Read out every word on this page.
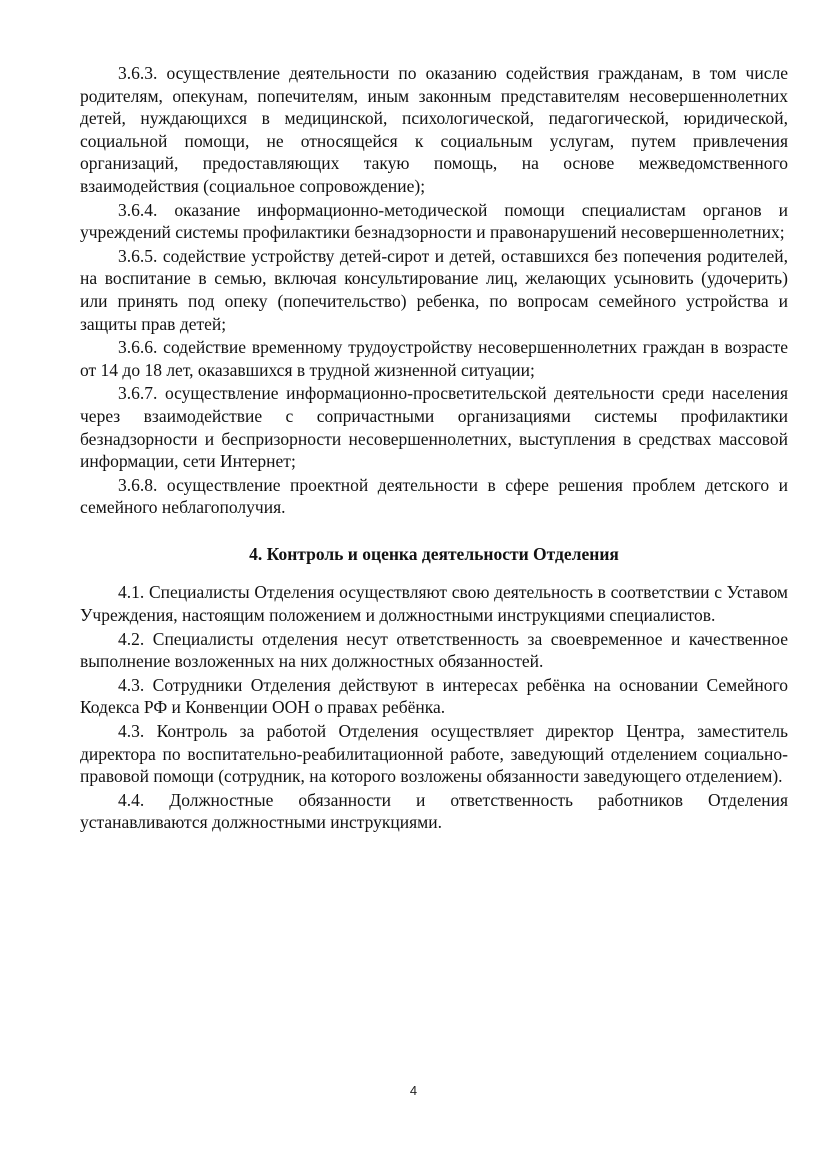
3.6.3. осуществление деятельности по оказанию содействия гражданам, в том числе родителям, опекунам, попечителям, иным законным представителям несовершеннолетних детей, нуждающихся в медицинской, психологической, педагогической, юридической, социальной помощи, не относящейся к социальным услугам, путем привлечения организаций, предоставляющих такую помощь, на основе межведомственного взаимодействия (социальное сопровождение);

3.6.4. оказание информационно-методической помощи специалистам органов и учреждений системы профилактики безнадзорности и правонарушений несовершеннолетних;

3.6.5. содействие устройству детей-сирот и детей, оставшихся без попечения родителей, на воспитание в семью, включая консультирование лиц, желающих усыновить (удочерить) или принять под опеку (попечительство) ребенка, по вопросам семейного устройства и защиты прав детей;

3.6.6. содействие временному трудоустройству несовершеннолетних граждан в возрасте от 14 до 18 лет, оказавшихся в трудной жизненной ситуации;

3.6.7. осуществление информационно-просветительской деятельности среди населения через взаимодействие с сопричастными организациями системы профилактики безнадзорности и беспризорности несовершеннолетних, выступления в средствах массовой информации, сети Интернет;

3.6.8. осуществление проектной деятельности в сфере решения проблем детского и семейного неблагополучия.

4. Контроль и оценка деятельности Отделения

4.1. Специалисты Отделения осуществляют свою деятельность в соответствии с Уставом Учреждения, настоящим положением и должностными инструкциями специалистов.

4.2. Специалисты отделения несут ответственность за своевременное и качественное выполнение возложенных на них должностных обязанностей.

4.3. Сотрудники Отделения действуют в интересах ребёнка на основании Семейного Кодекса РФ и Конвенции ООН о правах ребёнка.

4.3. Контроль за работой Отделения осуществляет директор Центра, заместитель директора по воспитательно-реабилитационной работе, заведующий отделением социально-правовой помощи (сотрудник, на которого возложены обязанности заведующего отделением).

4.4. Должностные обязанности и ответственность работников Отделения устанавливаются должностными инструкциями.

4
